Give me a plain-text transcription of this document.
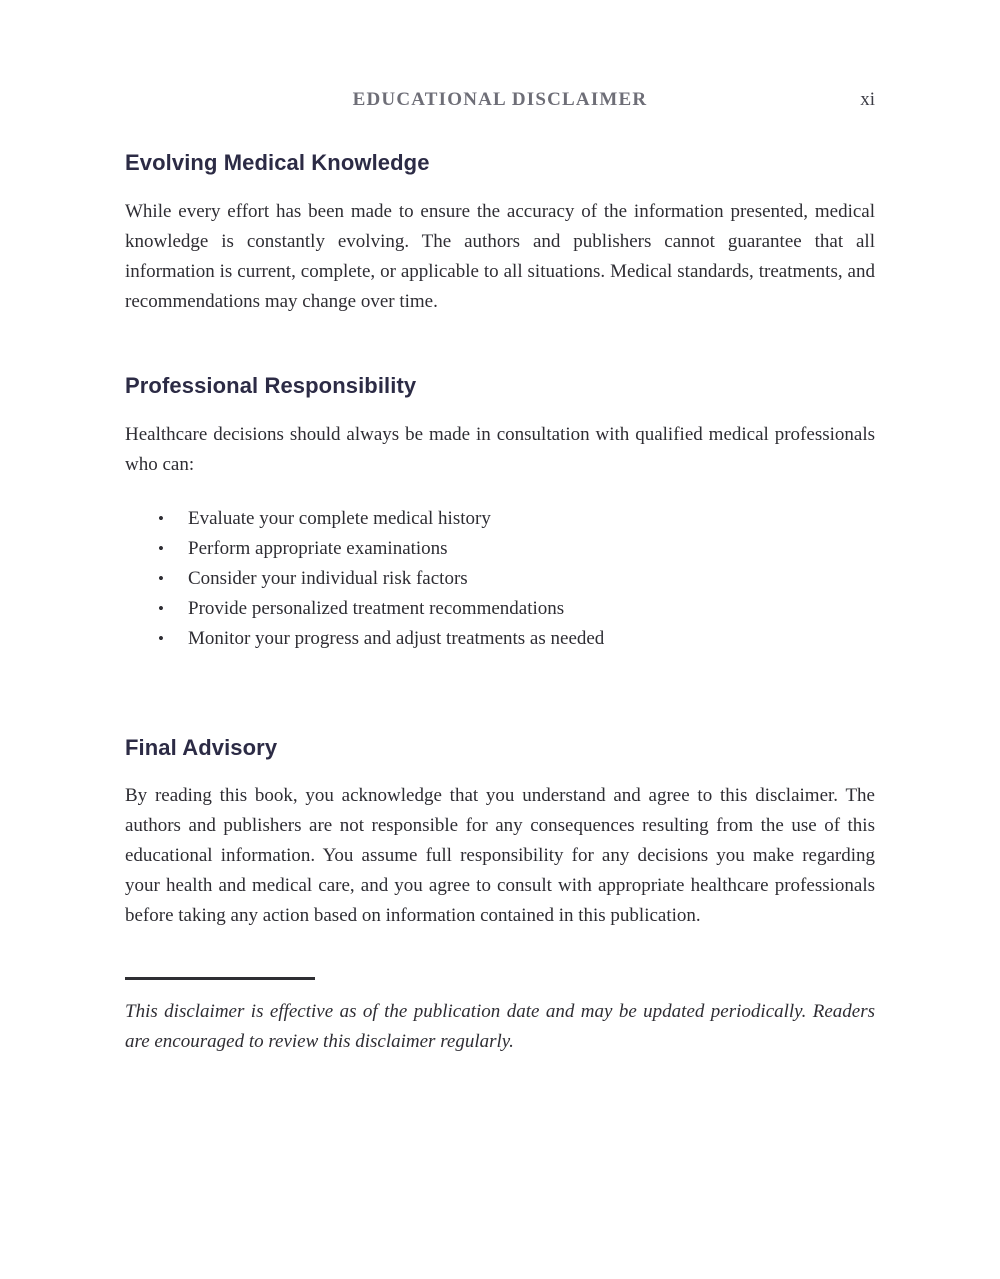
EDUCATIONAL DISCLAIMER	xi
Evolving Medical Knowledge

While every effort has been made to ensure the accuracy of the information presented, medical knowledge is constantly evolving. The authors and publishers cannot guarantee that all information is current, complete, or applicable to all situations. Medical standards, treatments, and recommendations may change over time.

Professional Responsibility

Healthcare decisions should always be made in consultation with qualified medical professionals who can:

• Evaluate your complete medical history
• Perform appropriate examinations
• Consider your individual risk factors
• Provide personalized treatment recommendations
• Monitor your progress and adjust treatments as needed
Final Advisory

By reading this book, you acknowledge that you understand and agree to this disclaimer. The authors and publishers are not responsible for any consequences resulting from the use of this educational information. You assume full responsibility for any decisions you make regarding your health and medical care, and you agree to consult with appropriate healthcare professionals before taking any action based on information contained in this publication.

This disclaimer is effective as of the publication date and may be updated periodically. Readers are encouraged to review this disclaimer regularly.
